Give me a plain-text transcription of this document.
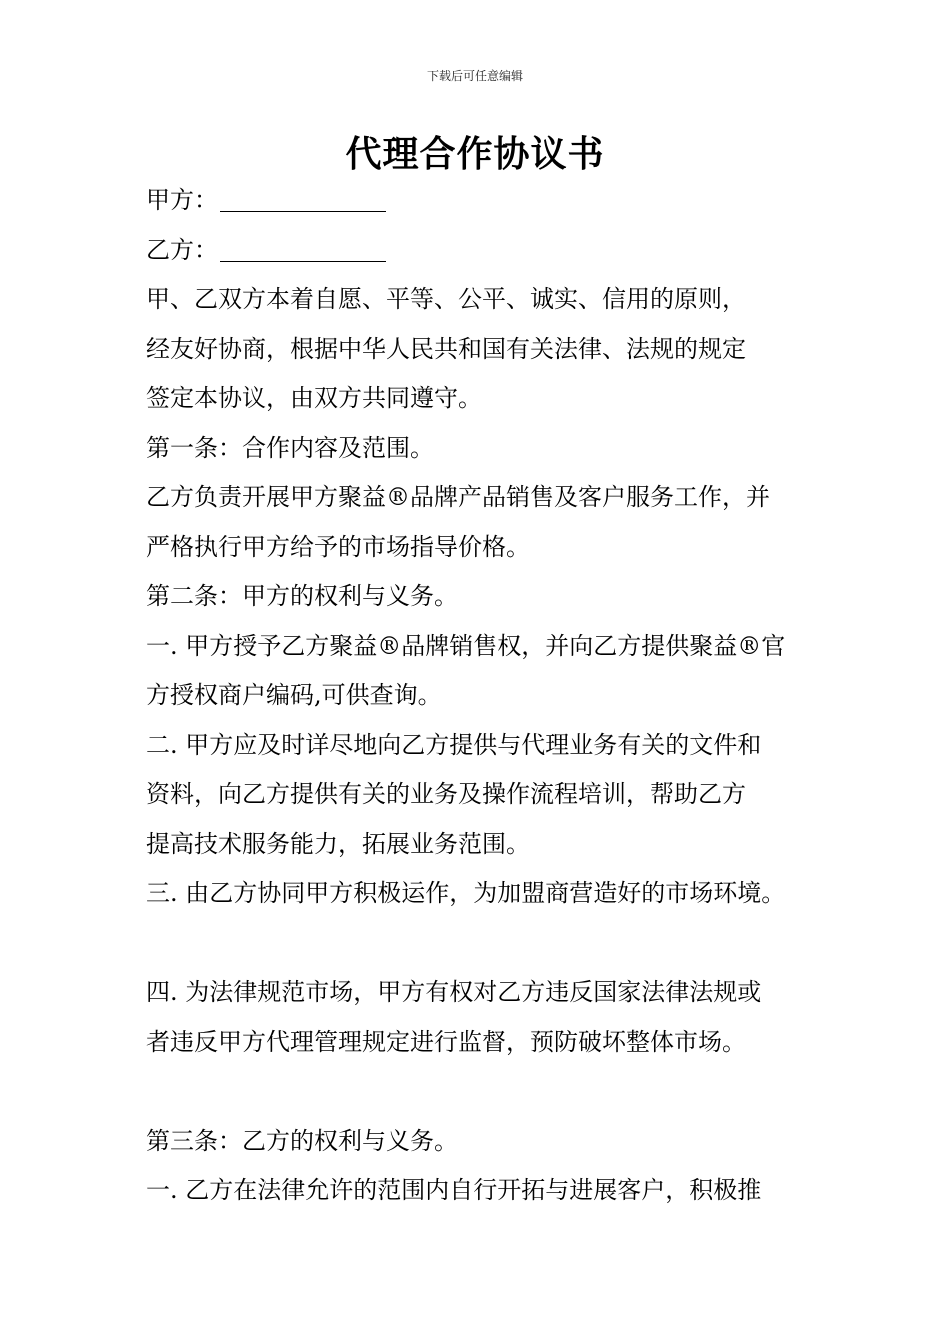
下载后可任意编辑
代理合作协议书
甲方：
乙方：
甲、乙双方本着自愿、平等、公平、诚实、信用的原则，
经友好协商，根据中华人民共和国有关法律、法规的规定
签定本协议，由双方共同遵守。
第一条：合作内容及范围。
乙方负责开展甲方聚益®品牌产品销售及客户服务工作，并
严格执行甲方给予的市场指导价格。
第二条：甲方的权利与义务。
一. 甲方授予乙方聚益®品牌销售权，并向乙方提供聚益®官
方授权商户编码,可供查询。
二. 甲方应及时详尽地向乙方提供与代理业务有关的文件和
资料，向乙方提供有关的业务及操作流程培训，帮助乙方
提高技术服务能力，拓展业务范围。
三. 由乙方协同甲方积极运作，为加盟商营造好的市场环境。
四. 为法律规范市场，甲方有权对乙方违反国家法律法规或
者违反甲方代理管理规定进行监督，预防破坏整体市场。
第三条：乙方的权利与义务。
一. 乙方在法律允许的范围内自行开拓与进展客户，积极推
